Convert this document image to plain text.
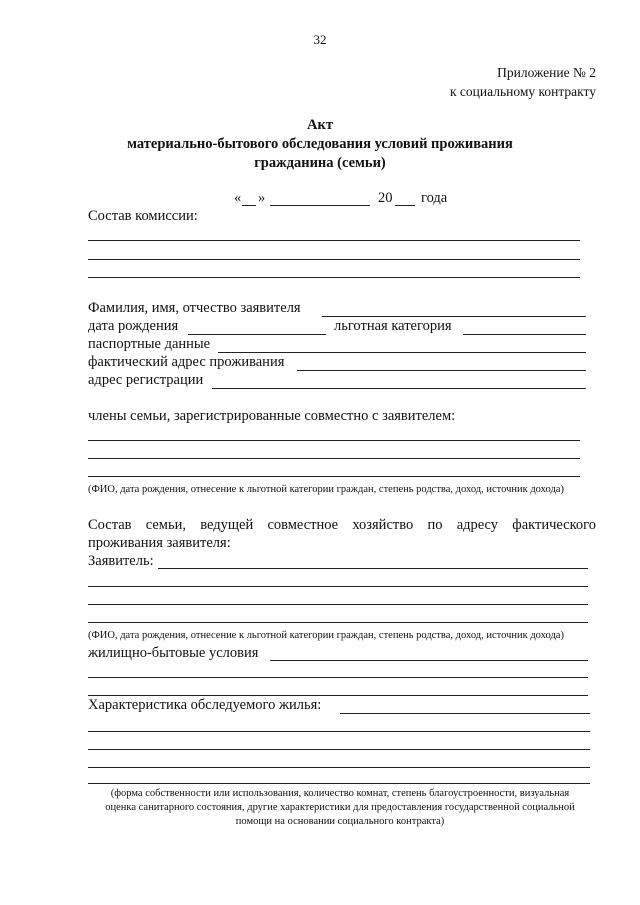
32
Приложение № 2
к социальному контракту
Акт
материально-бытового обследования условий проживания
гражданина (семьи)
« »	20 года
Состав комиссии:
Фамилия, имя, отчество заявителя
дата рождения	льготная категория
паспортные данные
фактический адрес проживания
адрес регистрации
члены семьи, зарегистрированные совместно с заявителем:
(ФИО, дата рождения, отнесение к льготной категории граждан, степень родства, доход, источник дохода)
Состав семьи, ведущей совместное хозяйство по адресу фактического
проживания заявителя:
Заявитель:
(ФИО, дата рождения, отнесение к льготной категории граждан, степень родства, доход, источник дохода)
жилищно-бытовые условия
Характеристика обследуемого жилья:
(форма собственности или использования, количество комнат, степень благоустроенности, визуальная
оценка санитарного состояния, другие характеристики для предоставления государственной социальной
помощи на основании социального контракта)
